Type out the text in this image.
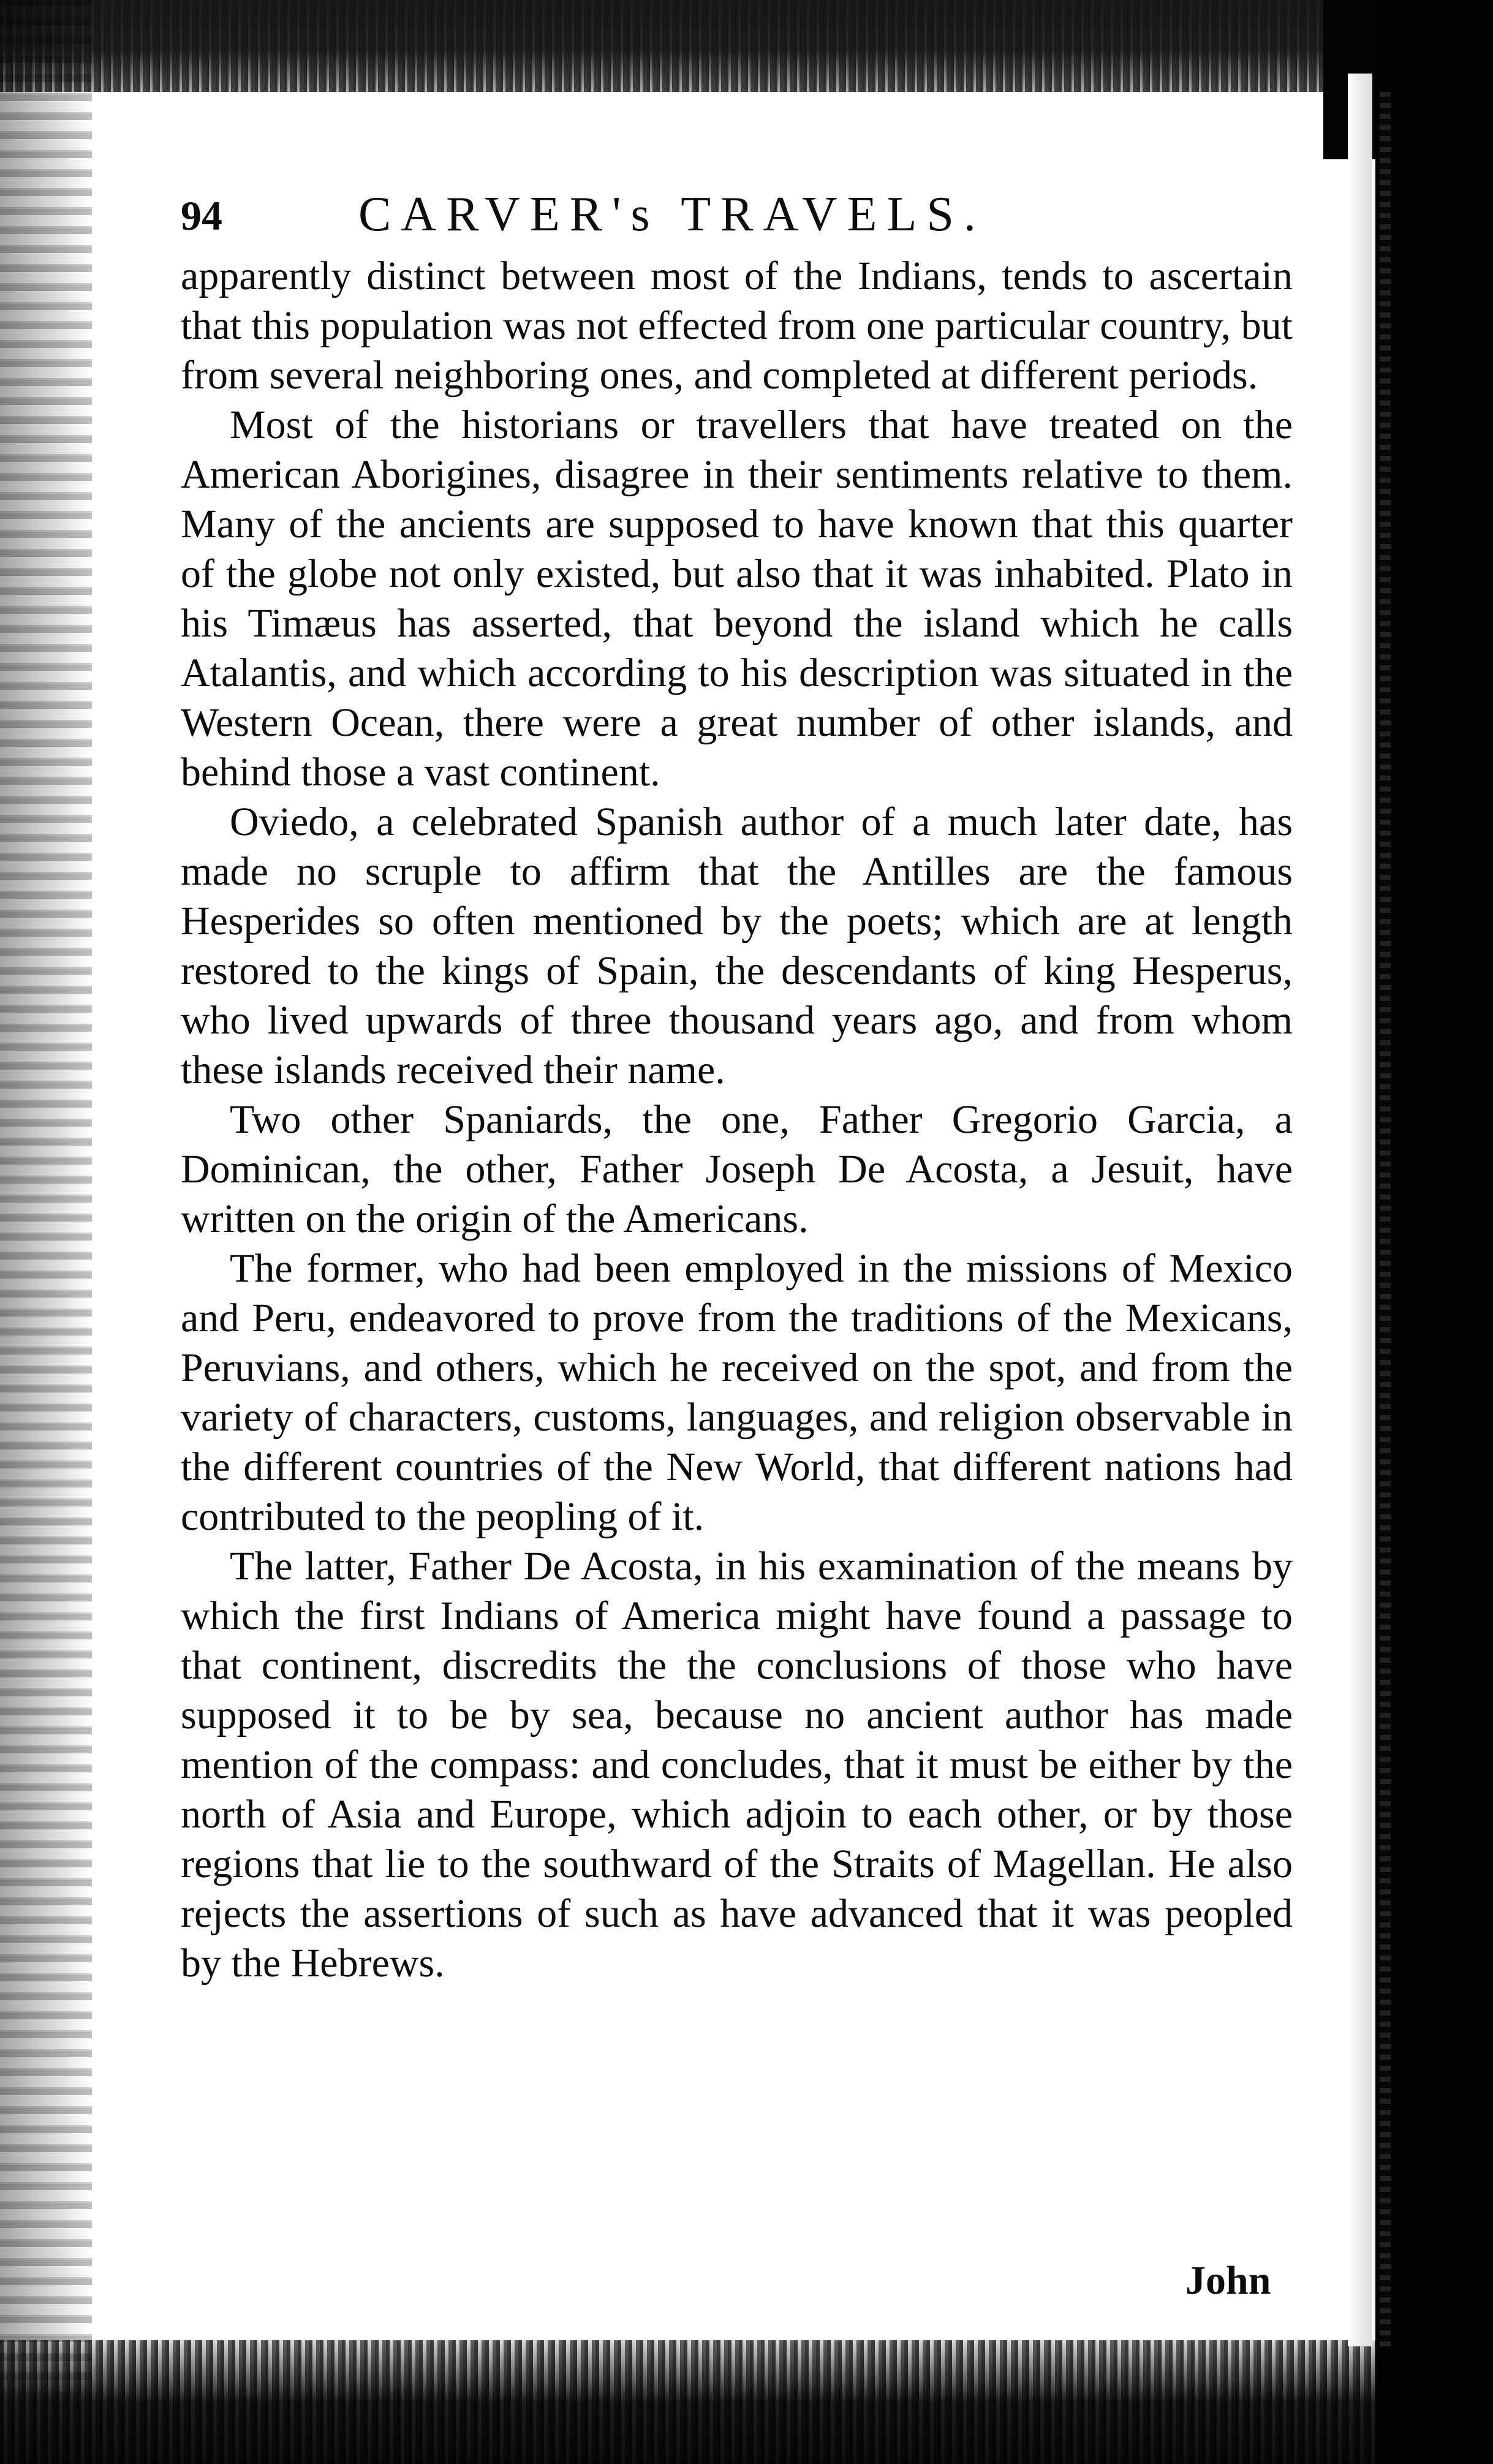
94	CARVER's TRAVELS.

apparently distinct between most of the Indians, tends to ascertain that this population was not effected from one particular country, but from several neighboring ones, and completed at different periods.

Most of the historians or travellers that have treated on the American Aborigines, disagree in their sentiments relative to them. Many of the ancients are supposed to have known that this quarter of the globe not only existed, but also that it was inhabited. Plato in his Timæus has asserted, that beyond the island which he calls Atalantis, and which according to his description was situated in the Western Ocean, there were a great number of other islands, and behind those a vast continent.

Oviedo, a celebrated Spanish author of a much later date, has made no scruple to affirm that the Antilles are the famous Hesperides so often mentioned by the poets; which are at length restored to the kings of Spain, the descendants of king Hesperus, who lived upwards of three thousand years ago, and from whom these islands received their name.

Two other Spaniards, the one, Father Gregorio Garcia, a Dominican, the other, Father Joseph De Acosta, a Jesuit, have written on the origin of the Americans.

The former, who had been employed in the missions of Mexico and Peru, endeavored to prove from the traditions of the Mexicans, Peruvians, and others, which he received on the spot, and from the variety of characters, customs, languages, and religion observable in the different countries of the New World, that different nations had contributed to the peopling of it.

The latter, Father De Acosta, in his examination of the means by which the first Indians of America might have found a passage to that continent, discredits the the conclusions of those who have supposed it to be by sea, because no ancient author has made mention of the compass: and concludes, that it must be either by the north of Asia and Europe, which adjoin to each other, or by those regions that lie to the southward of the Straits of Magellan. He also rejects the assertions of such as have advanced that it was peopled by the Hebrews.

John
